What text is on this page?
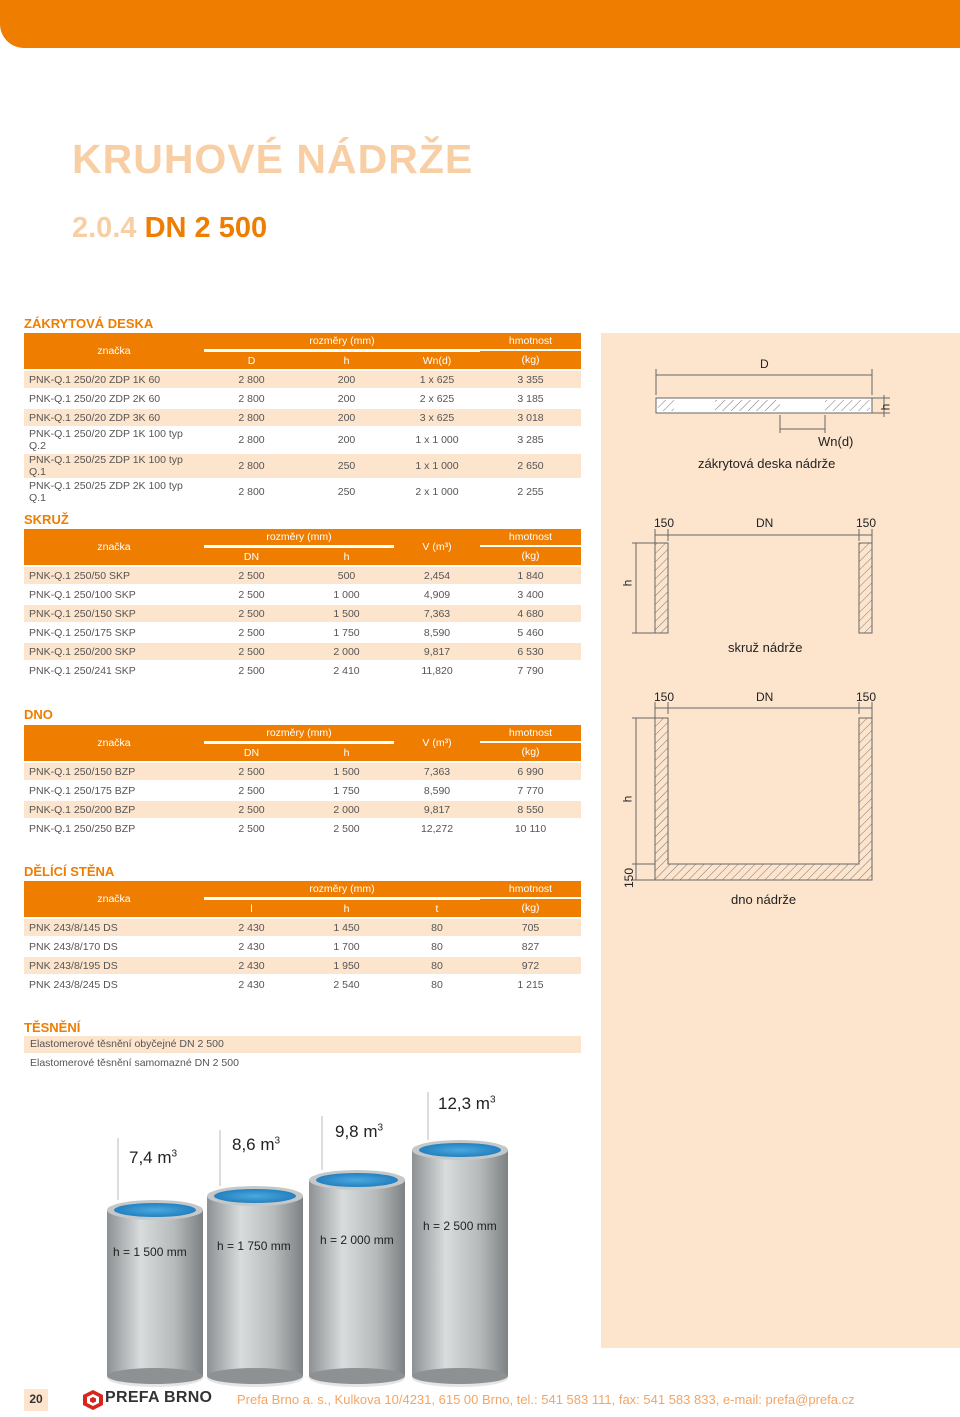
KRUHOVÉ NÁDRŽE
2.0.4 DN 2 500
ZÁKRYTOVÁ DESKA
značka	rozměry (mm)			hmotnost
	D	h	Wn(d)	(kg)
PNK-Q.1 250/20 ZDP 1K 60	2 800	200	1 x 625	3 355
PNK-Q.1 250/20 ZDP 2K 60	2 800	200	2 x 625	3 185
PNK-Q.1 250/20 ZDP 3K 60	2 800	200	3 x 625	3 018
PNK-Q.1 250/20 ZDP 1K 100 typ Q.2	2 800	200	1 x 1 000	3 285
PNK-Q.1 250/25 ZDP 1K 100 typ Q.1	2 800	250	1 x 1 000	2 650
PNK-Q.1 250/25 ZDP 2K 100 typ Q.1	2 800	250	2 x 1 000	2 255
SKRUŽ
značka	rozměry (mm)		V (m³)	hmotnost
	DN	h		(kg)
PNK-Q.1 250/50 SKP	2 500	500	2,454	1 840
PNK-Q.1 250/100 SKP	2 500	1 000	4,909	3 400
PNK-Q.1 250/150 SKP	2 500	1 500	7,363	4 680
PNK-Q.1 250/175 SKP	2 500	1 750	8,590	5 460
PNK-Q.1 250/200 SKP	2 500	2 000	9,817	6 530
PNK-Q.1 250/241 SKP	2 500	2 410	11,820	7 790
DNO
značka	rozměry (mm)		V (m³)	hmotnost
	DN	h		(kg)
PNK-Q.1 250/150 BZP	2 500	1 500	7,363	6 990
PNK-Q.1 250/175 BZP	2 500	1 750	8,590	7 770
PNK-Q.1 250/200 BZP	2 500	2 000	9,817	8 550
PNK-Q.1 250/250 BZP	2 500	2 500	12,272	10 110
DĚLÍCÍ STĚNA
značka	rozměry (mm)			hmotnost
	l	h	t	(kg)
PNK 243/8/145 DS	2 430	1 450	80	705
PNK 243/8/170 DS	2 430	1 700	80	827
PNK 243/8/195 DS	2 430	1 950	80	972
PNK 243/8/245 DS	2 430	2 540	80	1 215
TĚSNĚNÍ
Elastomerové těsnění obyčejné DN 2 500
Elastomerové těsnění samomazné DN 2 500
D
h
Wn(d)
zákrytová deska nádrže
150	DN	150
h
skruž nádrže
150	DN	150
h
150
dno nádrže
7,4 $m^3$	8,6 $m^3$	9,8 $m^3$
12,3 $m^3$
h = 1 500 mm	h = 1 750 mm h = 2 000 mm
h = 2 500 mm
20	PREFA BRNO Prefa Brno a. s., Kulkova 10/4231, 615 00 Brno, tel.: 541 583 111, fax: 541 583 833, e-mail: prefa@prefa.cz
